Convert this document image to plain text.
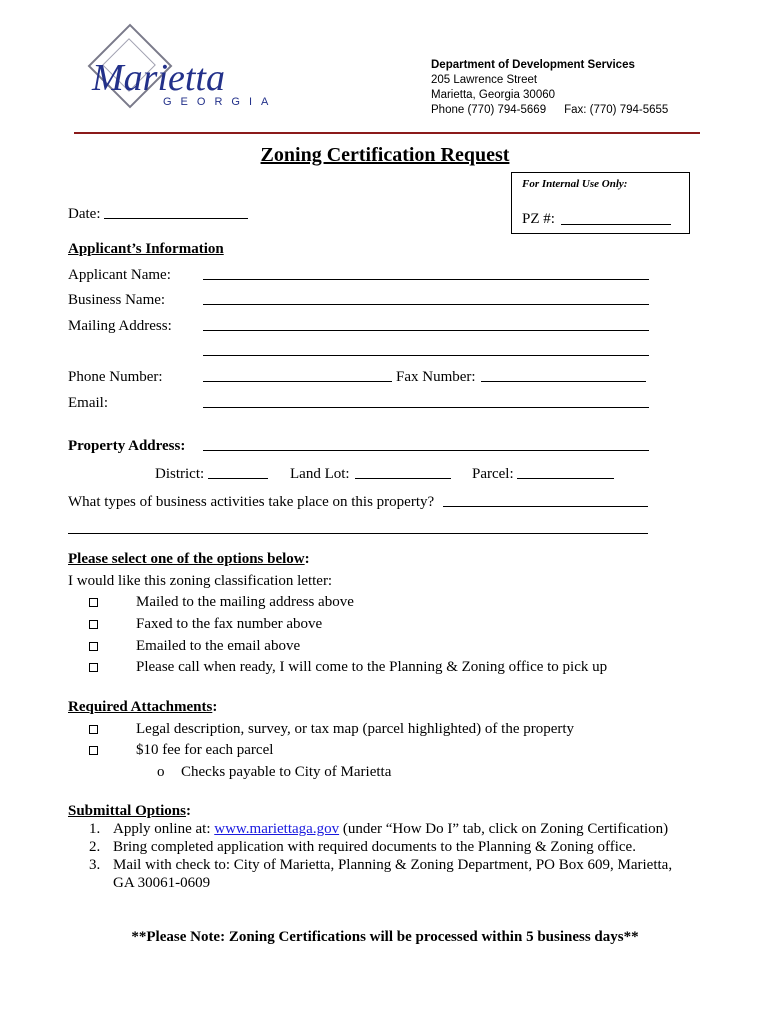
Marietta
GEORGIA
Department of Development Services
205 Lawrence Street
Marietta, Georgia 30060
Phone (770) 794-5669 Fax: (770) 794-5655
Zoning Certification Request
For Internal Use Only:
PZ #:
Date:
Applicant’s Information
Applicant Name:
Business Name:
Mailing Address:
Phone Number:	Fax Number:
Email:
Property Address:
District:	Land Lot:	Parcel:
What types of business activities take place on this property?
Please select one of the options below:
I would like this zoning classification letter:
Mailed to the mailing address above
Faxed to the fax number above
Emailed to the email above
Please call when ready, I will come to the Planning & Zoning office to pick up
Required Attachments:
Legal description, survey, or tax map (parcel highlighted) of the property
$10 fee for each parcel
o Checks payable to City of Marietta
Submittal Options:
1. Apply online at: www.mariettaga.gov (under “How Do I” tab, click on Zoning Certification)
2. Bring completed application with required documents to the Planning & Zoning office.
3. Mail with check to: City of Marietta, Planning & Zoning Department, PO Box 609, Marietta,
GA 30061-0609
**Please Note: Zoning Certifications will be processed within 5 business days**
